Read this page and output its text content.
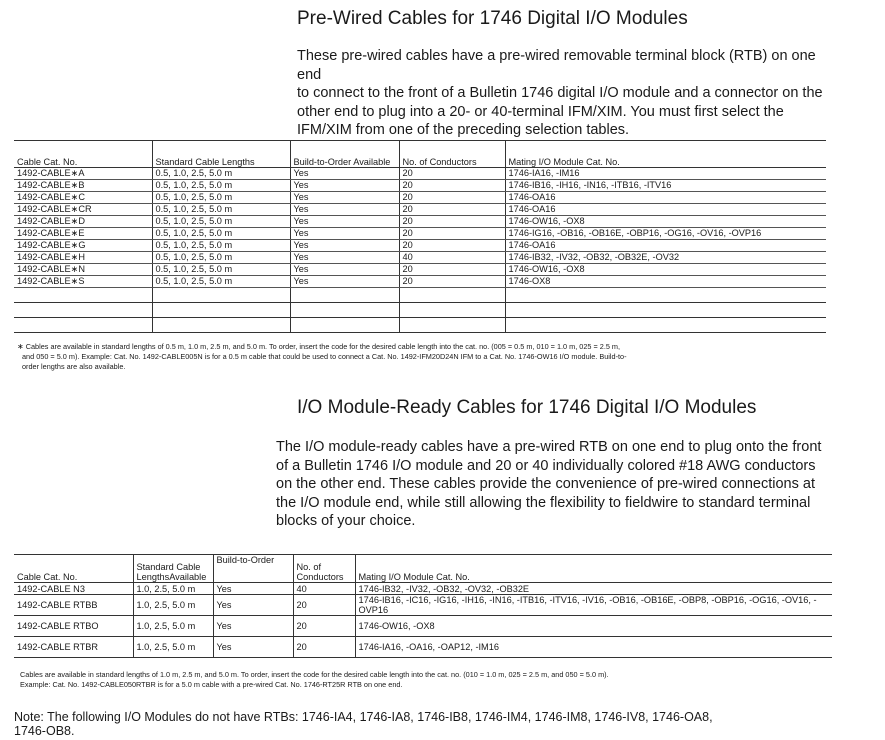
Pre-Wired Cables for 1746 Digital I/O Modules
These pre-wired cables have a pre-wired removable terminal block (RTB) on one
end
to connect to the front of a Bulletin 1746 digital I/O module and a connector on the
other end to plug into a 20- or 40-terminal IFM/XIM. You must first select the
IFM/XIM from one of the preceding selection tables.
Cable Cat. No.	Standard Cable Lengths	Build-to-Order Available	No. of Conductors	Mating I/O Module Cat. No.
1492-CABLE∗A	0.5, 1.0, 2.5, 5.0 m	Yes	20	1746-IA16, -IM16
1492-CABLE∗B	0.5, 1.0, 2.5, 5.0 m	Yes	20	1746-IB16, -IH16, -IN16, -ITB16, -ITV16
1492-CABLE∗C	0.5, 1.0, 2.5, 5.0 m	Yes	20	1746-OA16
1492-CABLE∗CR	0.5, 1.0, 2.5, 5.0 m	Yes	20	1746-OA16
1492-CABLE∗D	0.5, 1.0, 2.5, 5.0 m	Yes	20	1746-OW16, -OX8
1492-CABLE∗E	0.5, 1.0, 2.5, 5.0 m	Yes	20	1746-IG16, -OB16, -OB16E, -OBP16, -OG16, -OV16, -OVP16
1492-CABLE∗G	0.5, 1.0, 2.5, 5.0 m	Yes	20	1746-OA16
1492-CABLE∗H	0.5, 1.0, 2.5, 5.0 m	Yes	40	1746-IB32, -IV32, -OB32, -OB32E, -OV32
1492-CABLE∗N	0.5, 1.0, 2.5, 5.0 m	Yes	20	1746-OW16, -OX8
1492-CABLE∗S	0.5, 1.0, 2.5, 5.0 m	Yes	20	1746-OX8

∗ Cables are available in standard lengths of 0.5 m, 1.0 m, 2.5 m, and 5.0 m. To order, insert the code for the desired cable length into the cat. no. (005 = 0.5 m, 010 = 1.0 m, 025 = 2.5 m,
and 050 = 5.0 m). Example: Cat. No. 1492-CABLE005N is for a 0.5 m cable that could be used to connect a Cat. No. 1492-IFM20D24N IFM to a Cat. No. 1746-OW16 I/O module. Build-to-
order lengths are also available.
I/O Module-Ready Cables for 1746 Digital I/O Modules
The I/O module-ready cables have a pre-wired RTB on one end to plug onto the front
of a Bulletin 1746 I/O module and 20 or 40 individually colored #18 AWG conductors
on the other end. These cables provide the convenience of pre-wired connections at
the I/O module end, while still allowing the flexibility to fieldwire to standard terminal
blocks of your choice.
Cable Cat. No.	Standard Cable LengthsAvailable	Build-to-Order	No. of Conductors	Mating I/O Module Cat. No.
1492-CABLE N3	1.0, 2.5, 5.0 m	Yes	40	1746-IB32, -IV32, -OB32, -OV32, -OB32E
1492-CABLE RTBB	1.0, 2.5, 5.0 m	Yes	20	1746-IB16, -IC16, -IG16, -IH16, -IN16, -ITB16, -ITV16, -IV16, -OB16, -OB16E, -OBP8, -OBP16, -OG16, -OV16, -OVP16
1492-CABLE RTBO	1.0, 2.5, 5.0 m	Yes	20	1746-OW16, -OX8
1492-CABLE RTBR	1.0, 2.5, 5.0 m	Yes	20	1746-IA16, -OA16, -OAP12, -IM16
Cables are available in standard lengths of 1.0 m, 2.5 m, and 5.0 m. To order, insert the code for the desired cable length into the cat. no. (010 = 1.0 m, 025 = 2.5 m, and 050 = 5.0 m).
Example: Cat. No. 1492-CABLE050RTBR is for a 5.0 m cable with a pre-wired Cat. No. 1746-RT25R RTB on one end.
Note: The following I/O Modules do not have RTBs: 1746-IA4, 1746-IA8, 1746-IB8, 1746-IM4, 1746-IM8, 1746-IV8, 1746-OA8,
1746-OB8.
